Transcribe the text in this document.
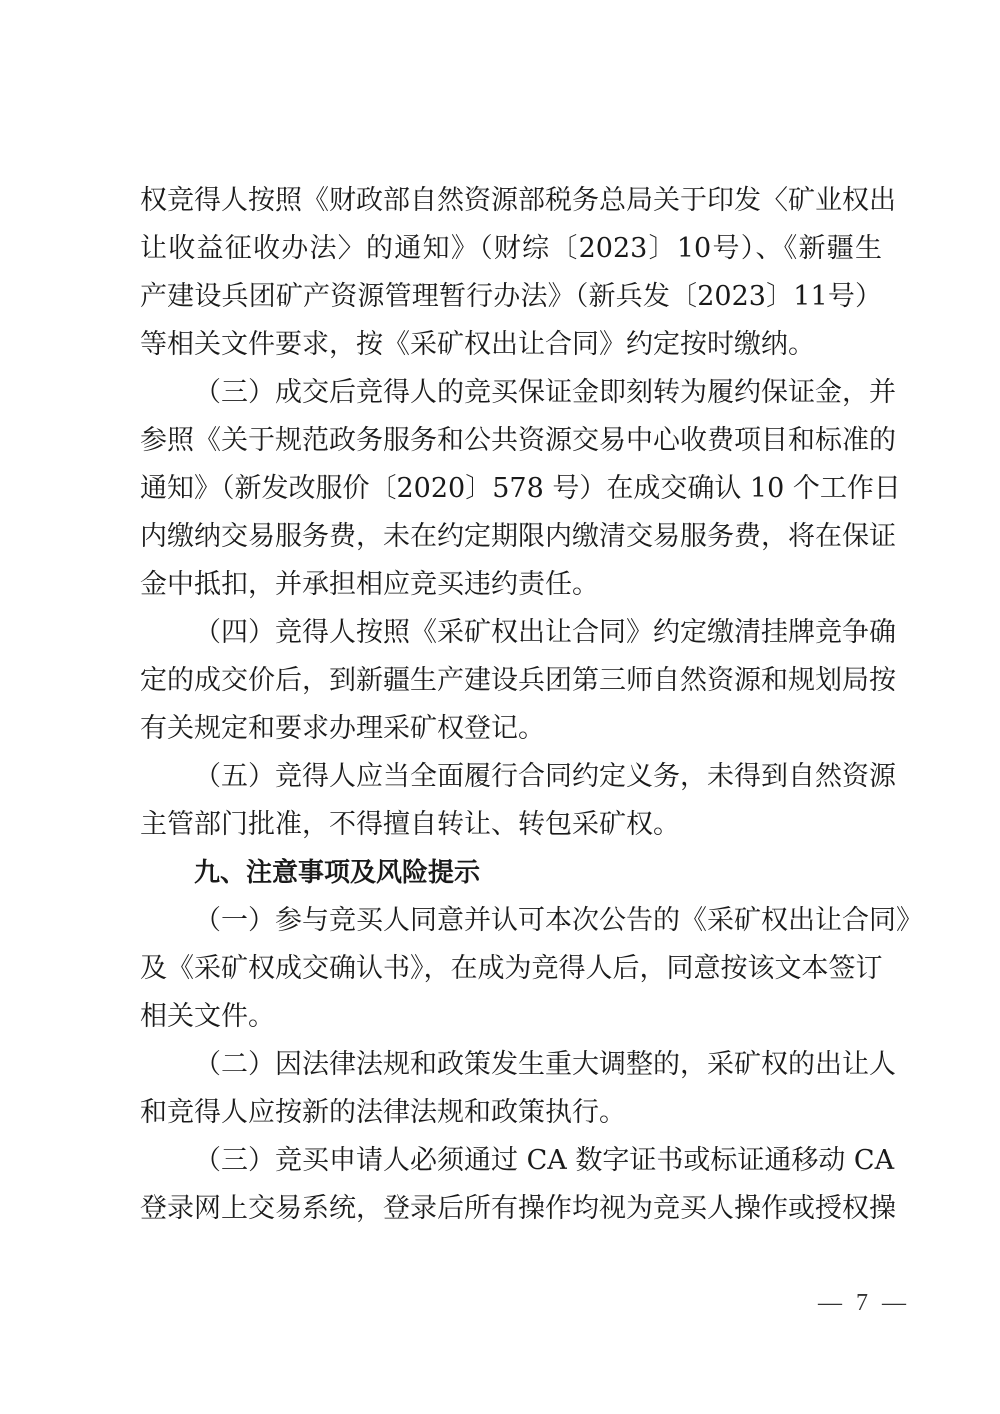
权竞得人按照《财政部自然资源部税务总局关于印发〈矿业权出
让收益征收办法〉的通知》（财综〔2023〕10号）、《新疆生
产建设兵团矿产资源管理暂行办法》（新兵发〔2023〕11号）
等相关文件要求，按《采矿权出让合同》约定按时缴纳。
（三）成交后竞得人的竞买保证金即刻转为履约保证金，并
参照《关于规范政务服务和公共资源交易中心收费项目和标准的
通知》（新发改服价〔2020〕578 号）在成交确认 10 个工作日
内缴纳交易服务费，未在约定期限内缴清交易服务费，将在保证
金中抵扣，并承担相应竞买违约责任。
（四）竞得人按照《采矿权出让合同》约定缴清挂牌竞争确
定的成交价后，到新疆生产建设兵团第三师自然资源和规划局按
有关规定和要求办理采矿权登记。
（五）竞得人应当全面履行合同约定义务，未得到自然资源
主管部门批准，不得擅自转让、转包采矿权。
九、注意事项及风险提示
（一）参与竞买人同意并认可本次公告的《采矿权出让合同》
及《采矿权成交确认书》，在成为竞得人后，同意按该文本签订
相关文件。
（二）因法律法规和政策发生重大调整的，采矿权的出让人
和竞得人应按新的法律法规和政策执行。
（三）竞买申请人必须通过 CA 数字证书或标证通移动 CA
登录网上交易系统，登录后所有操作均视为竞买人操作或授权操
— 7 —
